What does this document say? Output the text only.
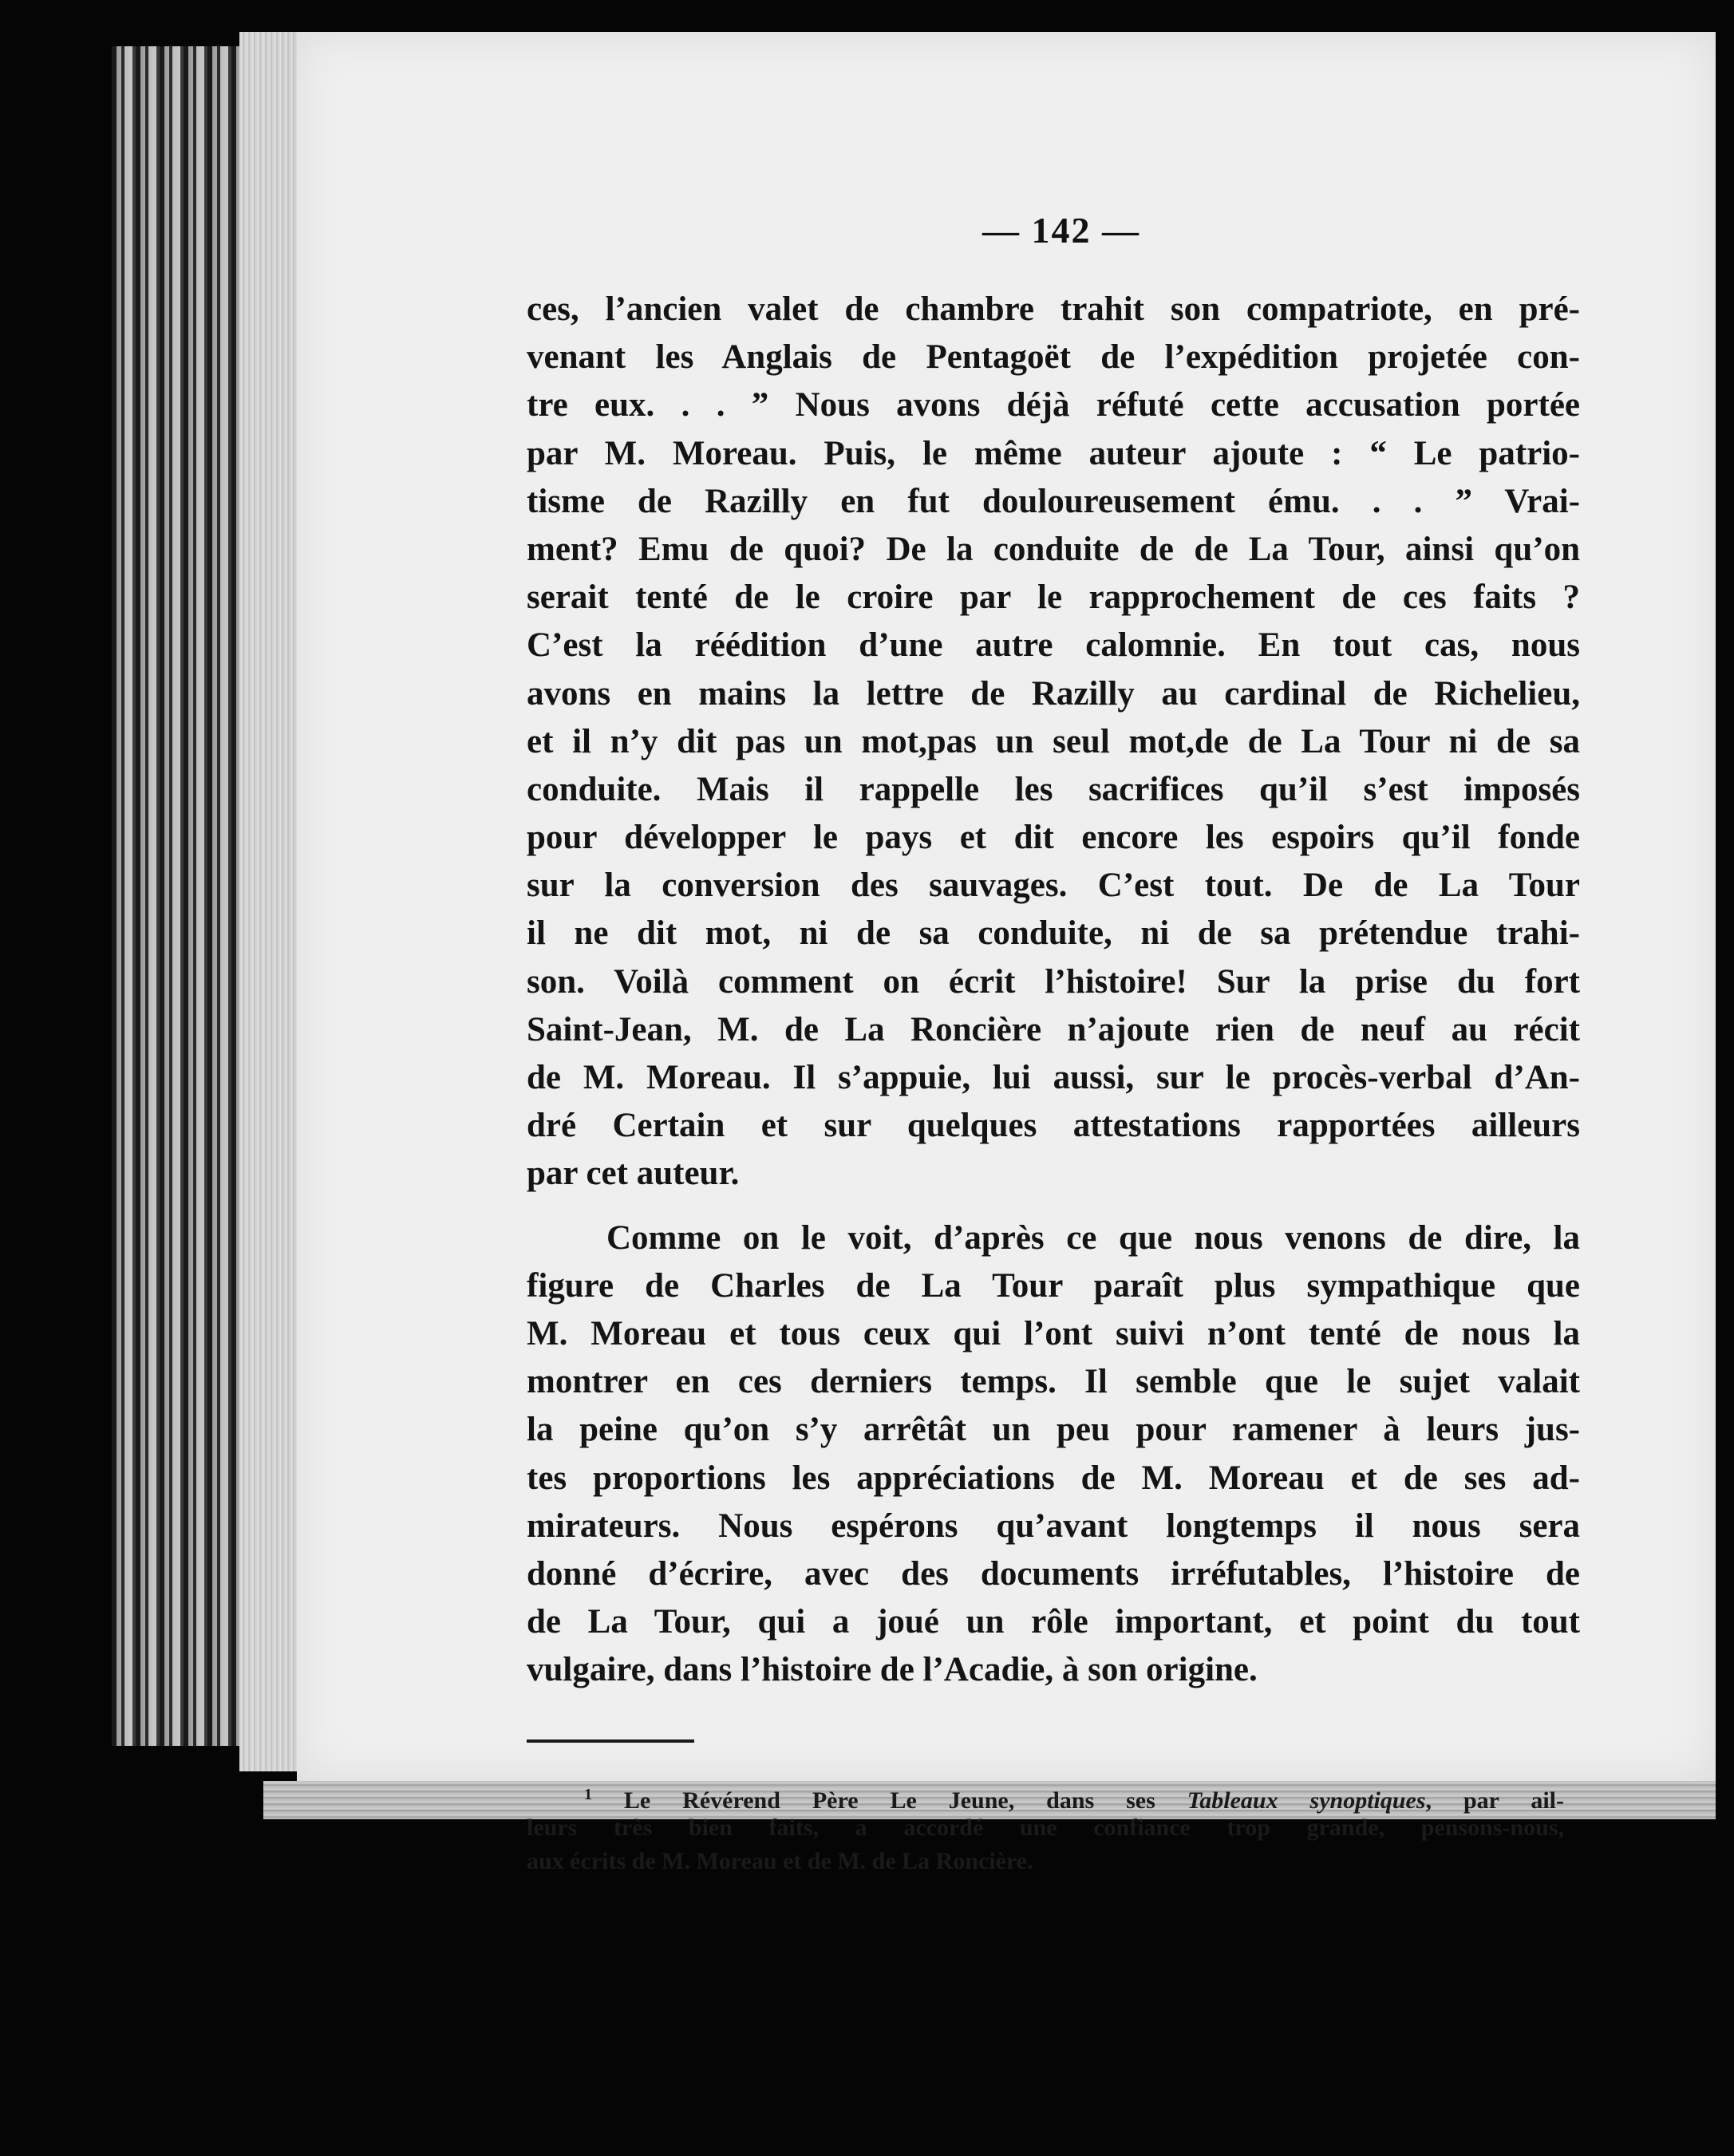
— 142 —
ces, l’ancien valet de chambre trahit son compatriote, en pré-
venant les Anglais de Pentagoët de l’expédition projetée con-
tre eux. . . ” Nous avons déjà réfuté cette accusation portée
par M. Moreau. Puis, le même auteur ajoute : “ Le patrio-
tisme de Razilly en fut douloureusement ému. . . ” Vrai-
ment? Emu de quoi? De la conduite de de La Tour, ainsi qu’on
serait tenté de le croire par le rapprochement de ces faits ?
C’est la réédition d’une autre calomnie. En tout cas, nous
avons en mains la lettre de Razilly au cardinal de Richelieu,
et il n’y dit pas un mot,pas un seul mot,de de La Tour ni de sa
conduite. Mais il rappelle les sacrifices qu’il s’est imposés
pour développer le pays et dit encore les espoirs qu’il fonde
sur la conversion des sauvages. C’est tout. De de La Tour
il ne dit mot, ni de sa conduite, ni de sa prétendue trahi-
son. Voilà comment on écrit l’histoire! Sur la prise du fort
Saint-Jean, M. de La Roncière n’ajoute rien de neuf au récit
de M. Moreau. Il s’appuie, lui aussi, sur le procès-verbal d’An-
dré Certain et sur quelques attestations rapportées ailleurs
par cet auteur.
Comme on le voit, d’après ce que nous venons de dire, la
figure de Charles de La Tour paraît plus sympathique que
M. Moreau et tous ceux qui l’ont suivi n’ont tenté de nous la
montrer en ces derniers temps. Il semble que le sujet valait
la peine qu’on s’y arrêtât un peu pour ramener à leurs jus-
tes proportions les appréciations de M. Moreau et de ses ad-
mirateurs. Nous espérons qu’avant longtemps il nous sera
donné d’écrire, avec des documents irréfutables, l’histoire de
de La Tour, qui a joué un rôle important, et point du tout
vulgaire, dans l’histoire de l’Acadie, à son origine.
$^1$ Le Révérend Père Le Jeune, dans ses Tableaux synoptiques, par ail-
leurs très bien faits, a accordé une confiance trop grande, pensons-nous,
aux écrits de M. Moreau et de M. de La Roncière.
